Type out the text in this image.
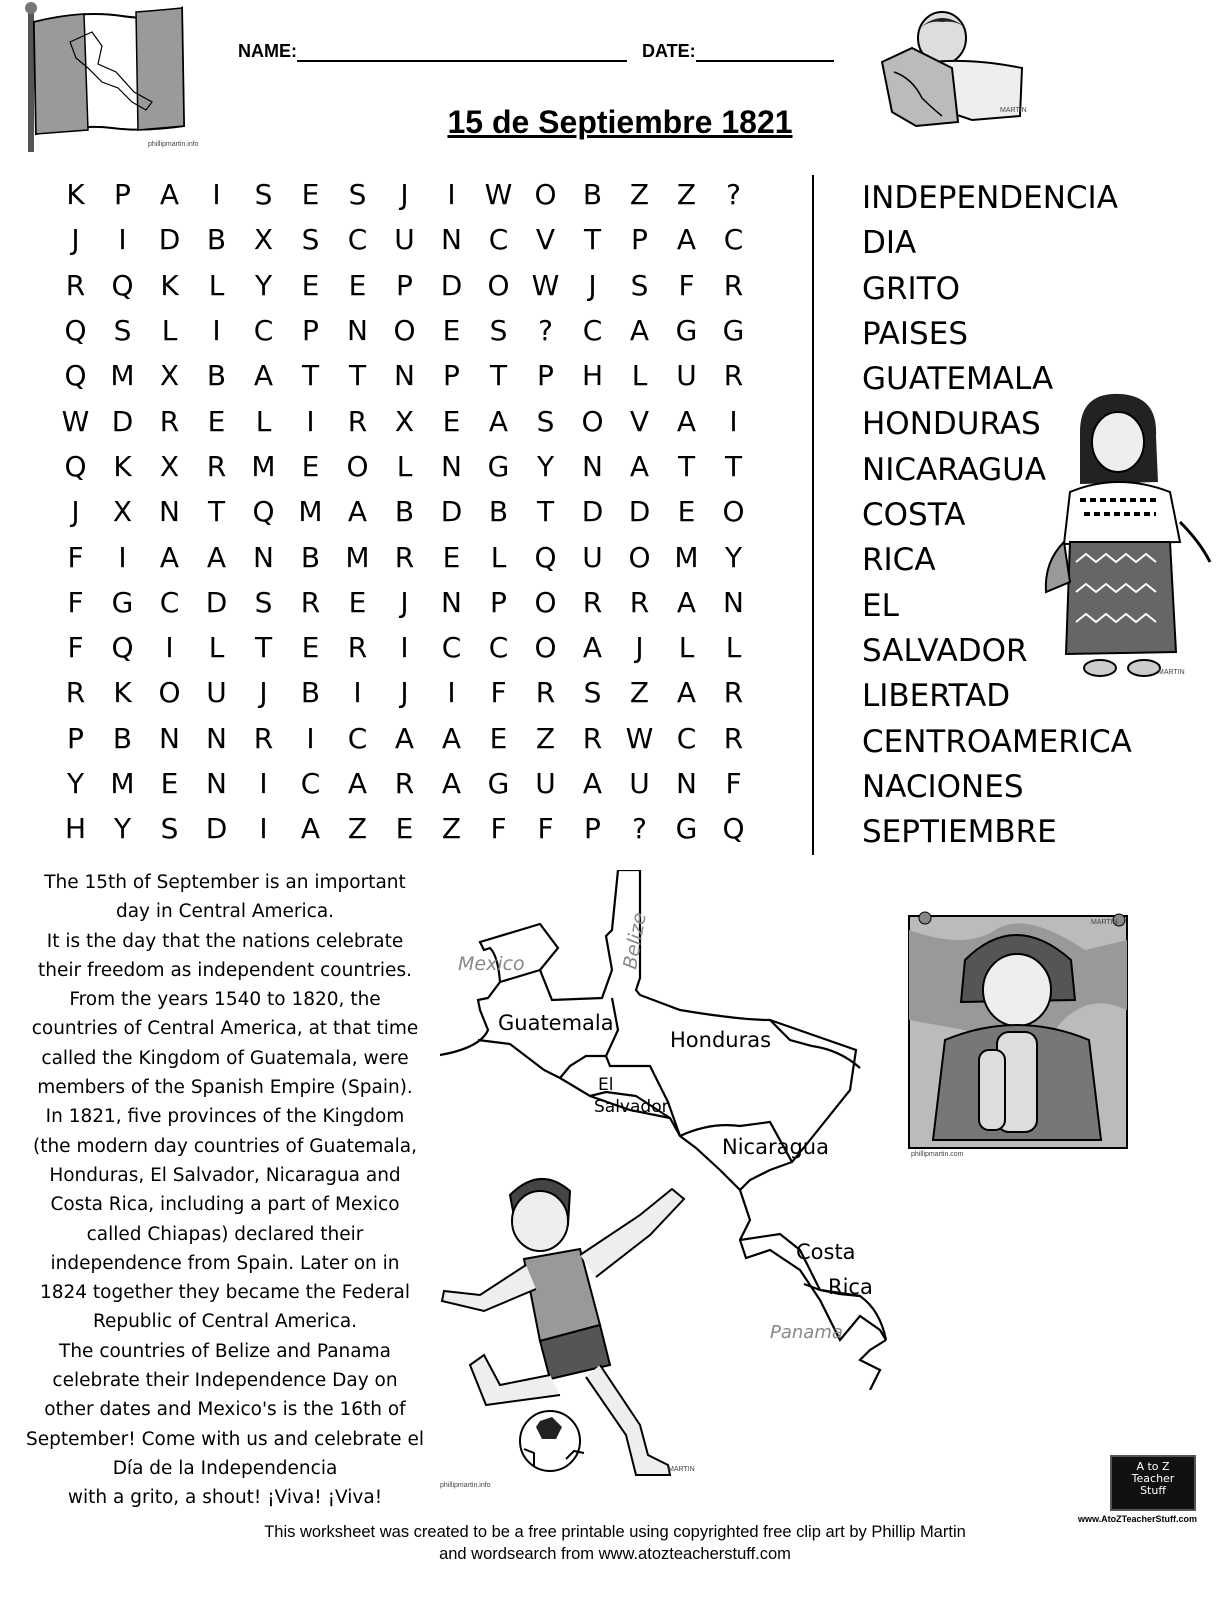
phillipmartin.info
NAME:	DATE:
15 de Septiembre 1821	MARTIN
K	P	A	I	S	E	S	J	I	W	O	B	Z	Z	?
J	I	D	B	X	S	C	U	N	C	V	T	P	A	C
R	Q	K	L	Y	E	E	P	D	O	W	J	S	F	R
Q	S	L	I	C	P	N	O	E	S	?	C	A	G	G
Q	M	X	B	A	T	T	N	P	T	P	H	L	U	R
W	D	R	E	L	I	R	X	E	A	S	O	V	A	I
Q	K	X	R	M	E	O	L	N	G	Y	N	A	T	T
J	X	N	T	Q	M	A	B	D	B	T	D	D	E	O
F	I	A	A	N	B	M	R	E	L	Q	U	O	M	Y
F	G	C	D	S	R	E	J	N	P	O	R	R	A	N
F	Q	I	L	T	E	R	I	C	C	O	A	J	L	L
R	K	O	U	J	B	I	J	I	F	R	S	Z	A	R
P	B	N	N	R	I	C	A	A	E	Z	R	W	C	R
Y	M	E	N	I	C	A	R	A	G	U	A	U	N	F
H	Y	S	D	I	A	Z	E	Z	F	F	P	?	G	Q
INDEPENDENCIA
DIA
GRITO
PAISES
GUATEMALA
HONDURAS
NICARAGUA
COSTA
RICA
EL
SALVADOR
LIBERTAD
CENTROAMERICA
NACIONES
SEPTIEMBRE
MARTIN
The 15th of September is an important
day in Central America.
It is the day that the nations celebrate
their freedom as independent countries.
From the years 1540 to 1820, the
countries of Central America, at that time
called the Kingdom of Guatemala, were
members of the Spanish Empire (Spain).
In 1821, five provinces of the Kingdom
(the modern day countries of Guatemala,
Honduras, El Salvador, Nicaragua and
Costa Rica, including a part of Mexico
called Chiapas) declared their
independence from Spain. Later on in
1824 together they became the Federal
Republic of Central America.
The countries of Belize and Panama
celebrate their Independence Day on
other dates and Mexico's is the 16th of
September! Come with us and celebrate el
Día de la Independencia
with a grito, a shout! ¡Viva! ¡Viva!
Mexico	Belize
Guatemala
Honduras
El
Salvador
Nicaragua
Costa
Rica
Panama
phillipmartin.com
MARTIN
phillipmartin.info
MARTIN	A to Z
Teacher
Stuff
www.AtoZTeacherStuff.com
This worksheet was created to be a free printable using copyrighted free clip art by Phillip Martin
and wordsearch from www.atozteacherstuff.com
